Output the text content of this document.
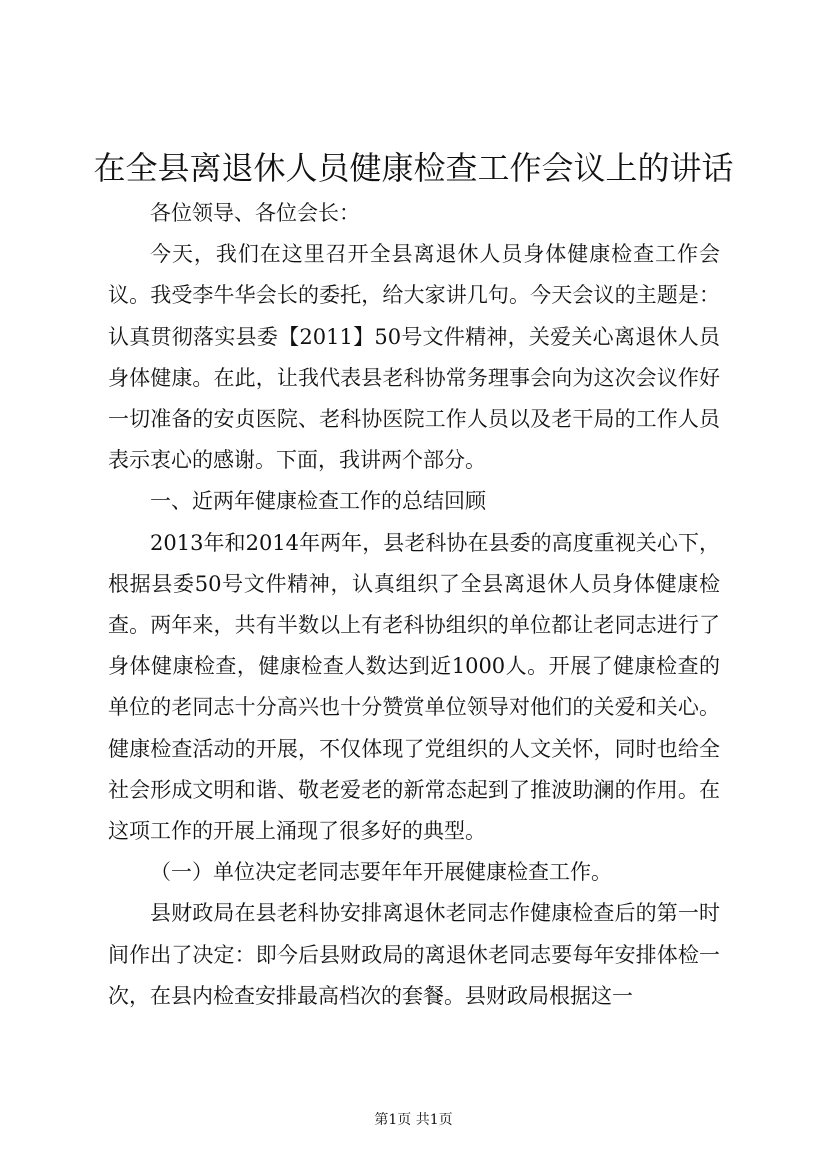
在全县离退休人员健康检查工作会议上的讲话

各位领导、各位会长：

今天，我们在这里召开全县离退休人员身体健康检查工作会议。我受李牛华会长的委托，给大家讲几句。今天会议的主题是：认真贯彻落实县委【2011】50号文件精神，关爱关心离退休人员身体健康。在此，让我代表县老科协常务理事会向为这次会议作好一切准备的安贞医院、老科协医院工作人员以及老干局的工作人员表示衷心的感谢。下面，我讲两个部分。

一、近两年健康检查工作的总结回顾

2013年和2014年两年，县老科协在县委的高度重视关心下，根据县委50号文件精神，认真组织了全县离退休人员身体健康检查。两年来，共有半数以上有老科协组织的单位都让老同志进行了身体健康检查，健康检查人数达到近1000人。开展了健康检查的单位的老同志十分高兴也十分赞赏单位领导对他们的关爱和关心。健康检查活动的开展，不仅体现了党组织的人文关怀，同时也给全社会形成文明和谐、敬老爱老的新常态起到了推波助澜的作用。在这项工作的开展上涌现了很多好的典型。

（一）单位决定老同志要年年开展健康检查工作。

县财政局在县老科协安排离退休老同志作健康检查后的第一时间作出了决定：即今后县财政局的离退休老同志要每年安排体检一次，在县内检查安排最高档次的套餐。县财政局根据这一

第1页 共1页
